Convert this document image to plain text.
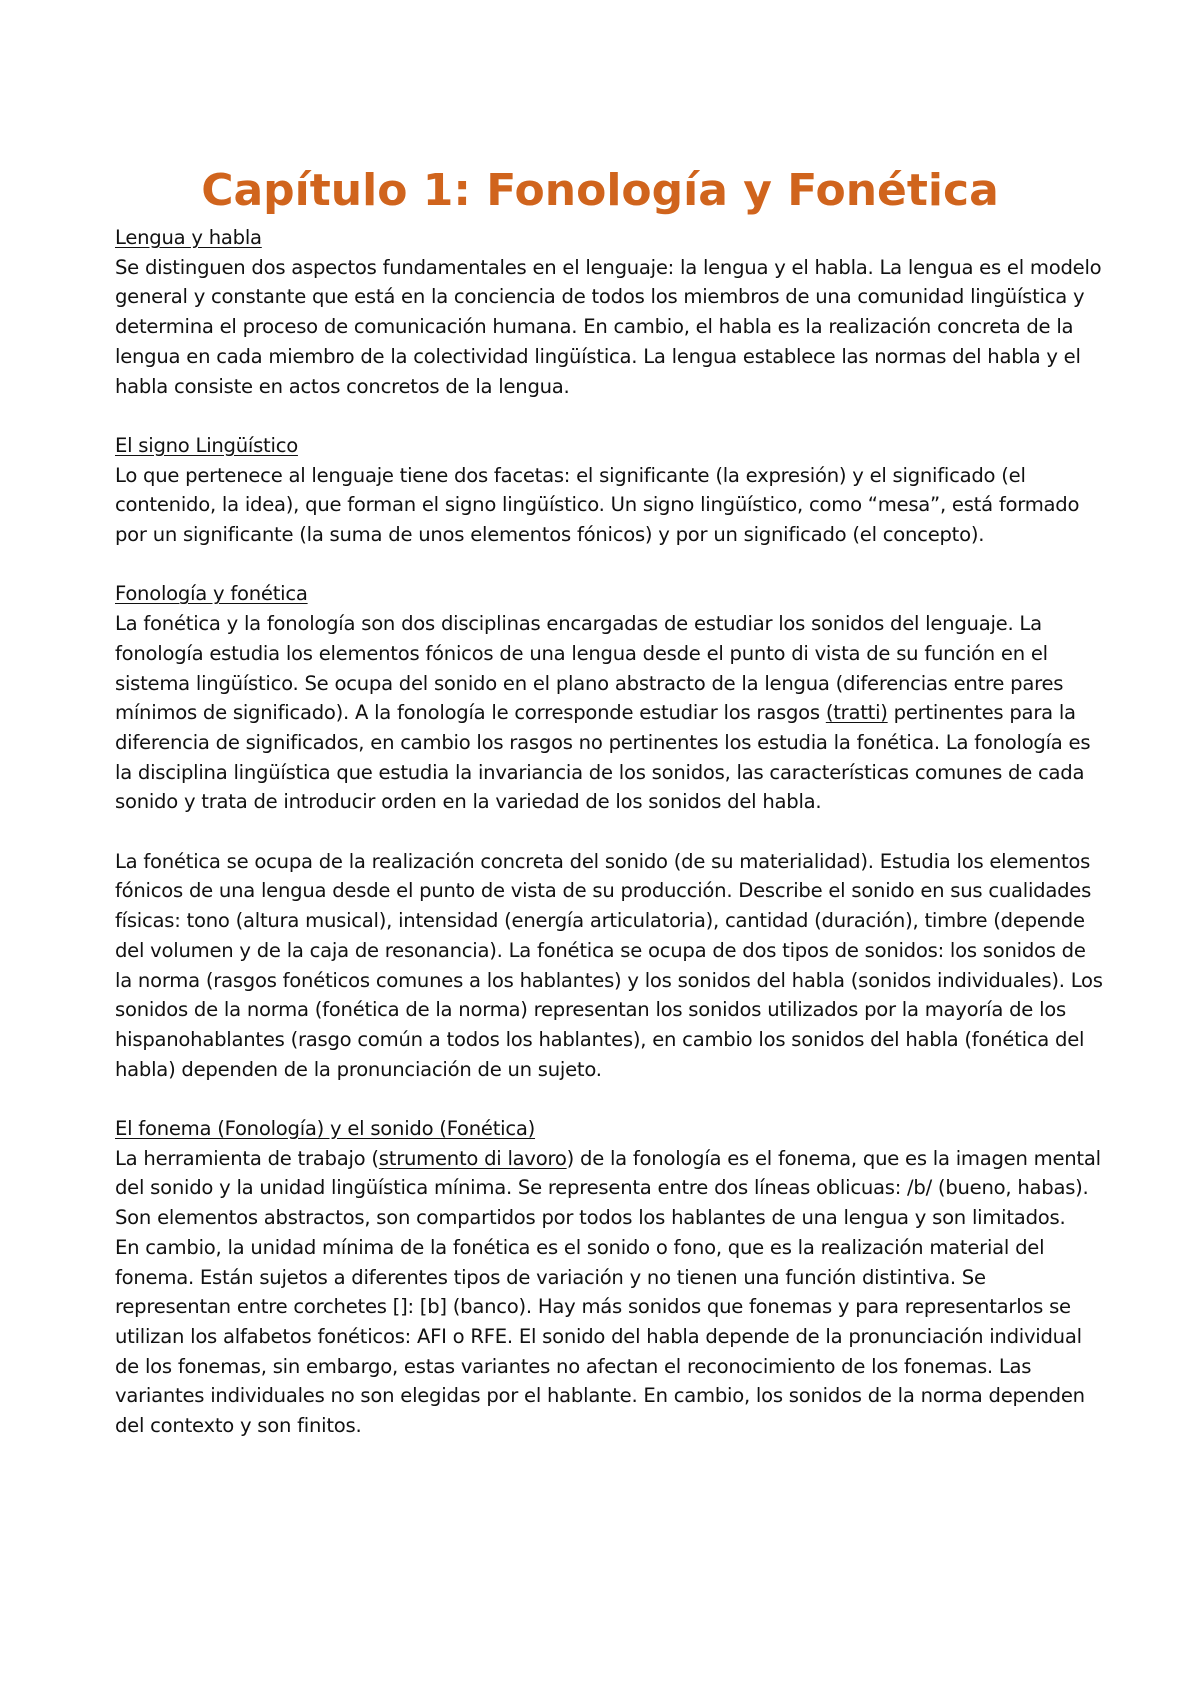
Capítulo 1: Fonología y Fonética
Lengua y habla

Se distinguen dos aspectos fundamentales en el lenguaje: la lengua y el habla. La lengua es el modelo general y constante que está en la conciencia de todos los miembros de una comunidad lingüística y determina el proceso de comunicación humana. En cambio, el habla es la realización concreta de la lengua en cada miembro de la colectividad lingüística. La lengua establece las normas del habla y el habla consiste en actos concretos de la lengua.

El signo Lingüístico

Lo que pertenece al lenguaje tiene dos facetas: el significante (la expresión) y el significado (el contenido, la idea), que forman el signo lingüístico. Un signo lingüístico, como “mesa”, está formado por un significante (la suma de unos elementos fónicos) y por un significado (el concepto).

Fonología y fonética

La fonética y la fonología son dos disciplinas encargadas de estudiar los sonidos del lenguaje. La fonología estudia los elementos fónicos de una lengua desde el punto di vista de su función en el sistema lingüístico. Se ocupa del sonido en el plano abstracto de la lengua (diferencias entre pares mínimos de significado). A la fonología le corresponde estudiar los rasgos (tratti) pertinentes para la diferencia de significados, en cambio los rasgos no pertinentes los estudia la fonética. La fonología es la disciplina lingüística que estudia la invariancia de los sonidos, las características comunes de cada sonido y trata de introducir orden en la variedad de los sonidos del habla.

La fonética se ocupa de la realización concreta del sonido (de su materialidad). Estudia los elementos fónicos de una lengua desde el punto de vista de su producción. Describe el sonido en sus cualidades físicas: tono (altura musical), intensidad (energía articulatoria), cantidad (duración), timbre (depende del volumen y de la caja de resonancia). La fonética se ocupa de dos tipos de sonidos: los sonidos de la norma (rasgos fonéticos comunes a los hablantes) y los sonidos del habla (sonidos individuales). Los sonidos de la norma (fonética de la norma) representan los sonidos utilizados por la mayoría de los hispanohablantes (rasgo común a todos los hablantes), en cambio los sonidos del habla (fonética del habla) dependen de la pronunciación de un sujeto.

El fonema (Fonología) y el sonido (Fonética)

La herramienta de trabajo (strumento di lavoro) de la fonología es el fonema, que es la imagen mental del sonido y la unidad lingüística mínima. Se representa entre dos líneas oblicuas: /b/ (bueno, habas). Son elementos abstractos, son compartidos por todos los hablantes de una lengua y son limitados.

En cambio, la unidad mínima de la fonética es el sonido o fono, que es la realización material del fonema. Están sujetos a diferentes tipos de variación y no tienen una función distintiva. Se representan entre corchetes []: [b] (banco). Hay más sonidos que fonemas y para representarlos se utilizan los alfabetos fonéticos: AFI o RFE. El sonido del habla depende de la pronunciación individual de los fonemas, sin embargo, estas variantes no afectan el reconocimiento de los fonemas. Las variantes individuales no son elegidas por el hablante. En cambio, los sonidos de la norma dependen del contexto y son finitos.
